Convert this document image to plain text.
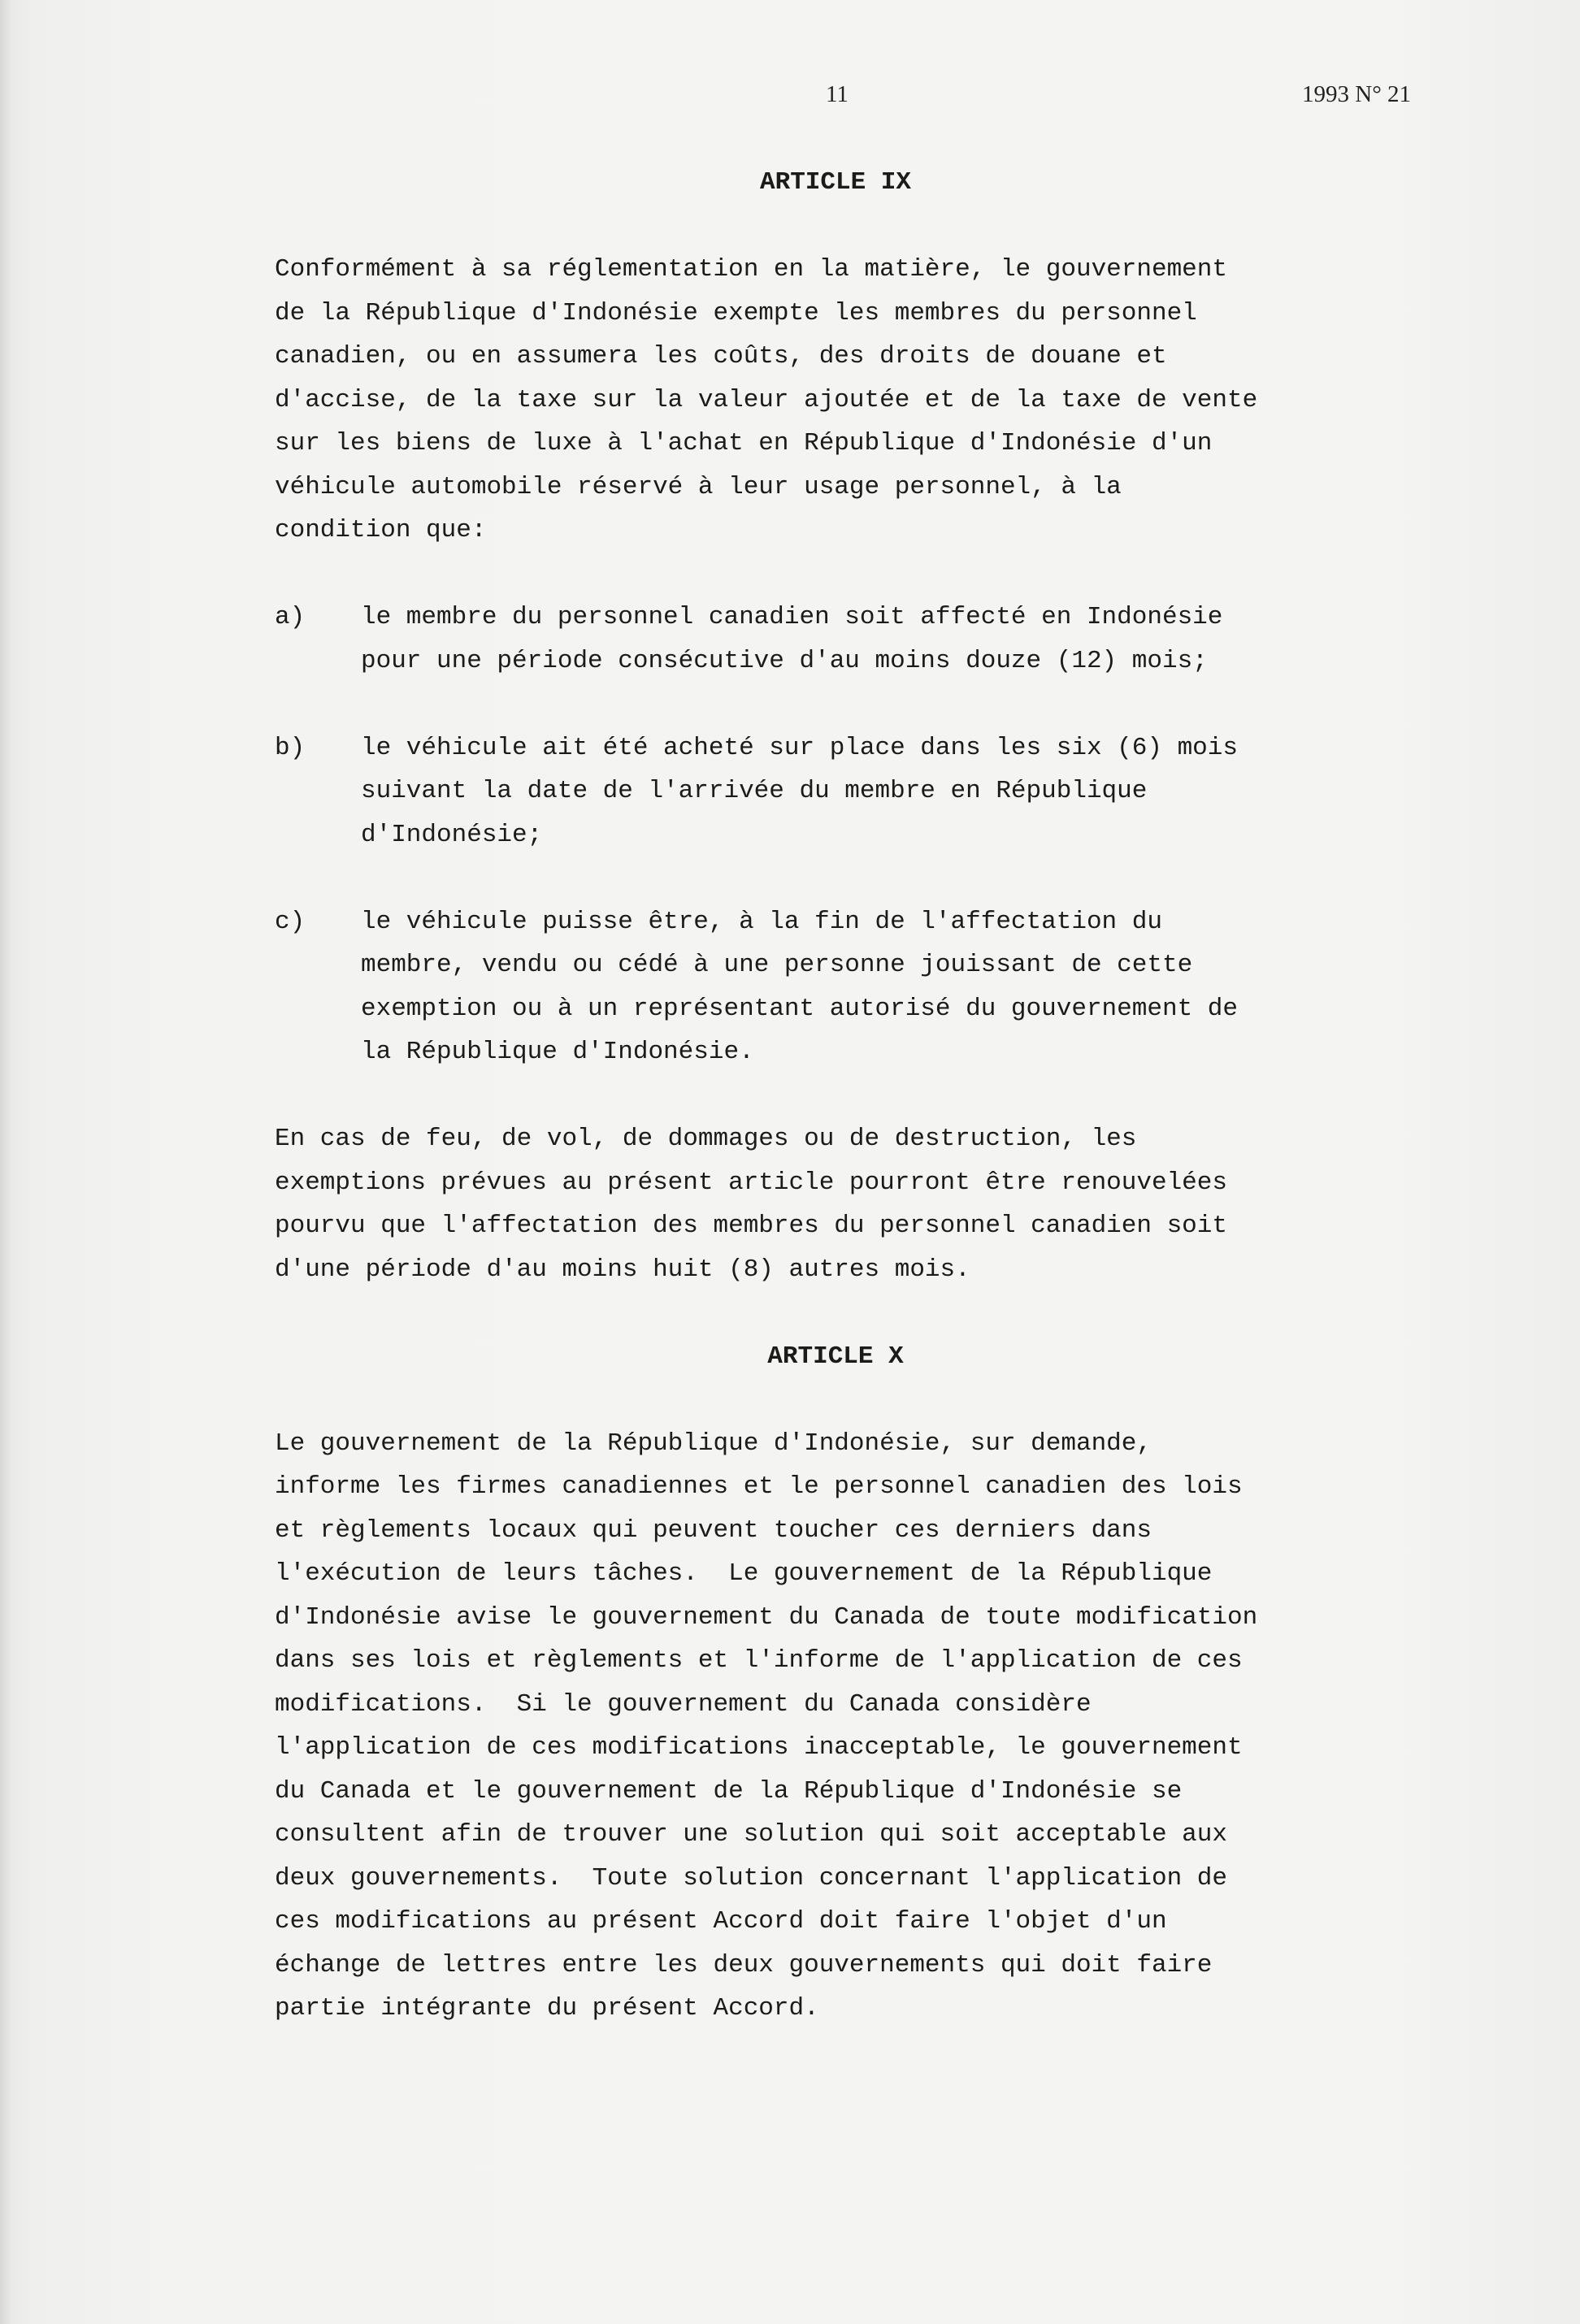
11	1993 N° 21
ARTICLE IX

Conformément à sa réglementation en la matière, le gouvernement

de la République d'Indonésie exempte les membres du personnel

canadien, ou en assumera les coûts, des droits de douane et

d'accise, de la taxe sur la valeur ajoutée et de la taxe de vente

sur les biens de luxe à l'achat en République d'Indonésie d'un

véhicule automobile réservé à leur usage personnel, à la

condition que:

a)	le membre du personnel canadien soit affecté en Indonésie
pour une période consécutive d'au moins douze (12) mois;
b)	le véhicule ait été acheté sur place dans les six (6) mois
suivant la date de l'arrivée du membre en République
d'Indonésie;
c)	le véhicule puisse être, à la fin de l'affectation du
membre, vendu ou cédé à une personne jouissant de cette
exemption ou à un représentant autorisé du gouvernement de
la République d'Indonésie.

En cas de feu, de vol, de dommages ou de destruction, les

exemptions prévues au présent article pourront être renouvelées

pourvu que l'affectation des membres du personnel canadien soit

d'une période d'au moins huit (8) autres mois.

ARTICLE X

Le gouvernement de la République d'Indonésie, sur demande,

informe les firmes canadiennes et le personnel canadien des lois

et règlements locaux qui peuvent toucher ces derniers dans

l'exécution de leurs tâches.  Le gouvernement de la République

d'Indonésie avise le gouvernement du Canada de toute modification

dans ses lois et règlements et l'informe de l'application de ces

modifications.  Si le gouvernement du Canada considère

l'application de ces modifications inacceptable, le gouvernement

du Canada et le gouvernement de la République d'Indonésie se

consultent afin de trouver une solution qui soit acceptable aux

deux gouvernements.  Toute solution concernant l'application de

ces modifications au présent Accord doit faire l'objet d'un

échange de lettres entre les deux gouvernements qui doit faire

partie intégrante du présent Accord.
